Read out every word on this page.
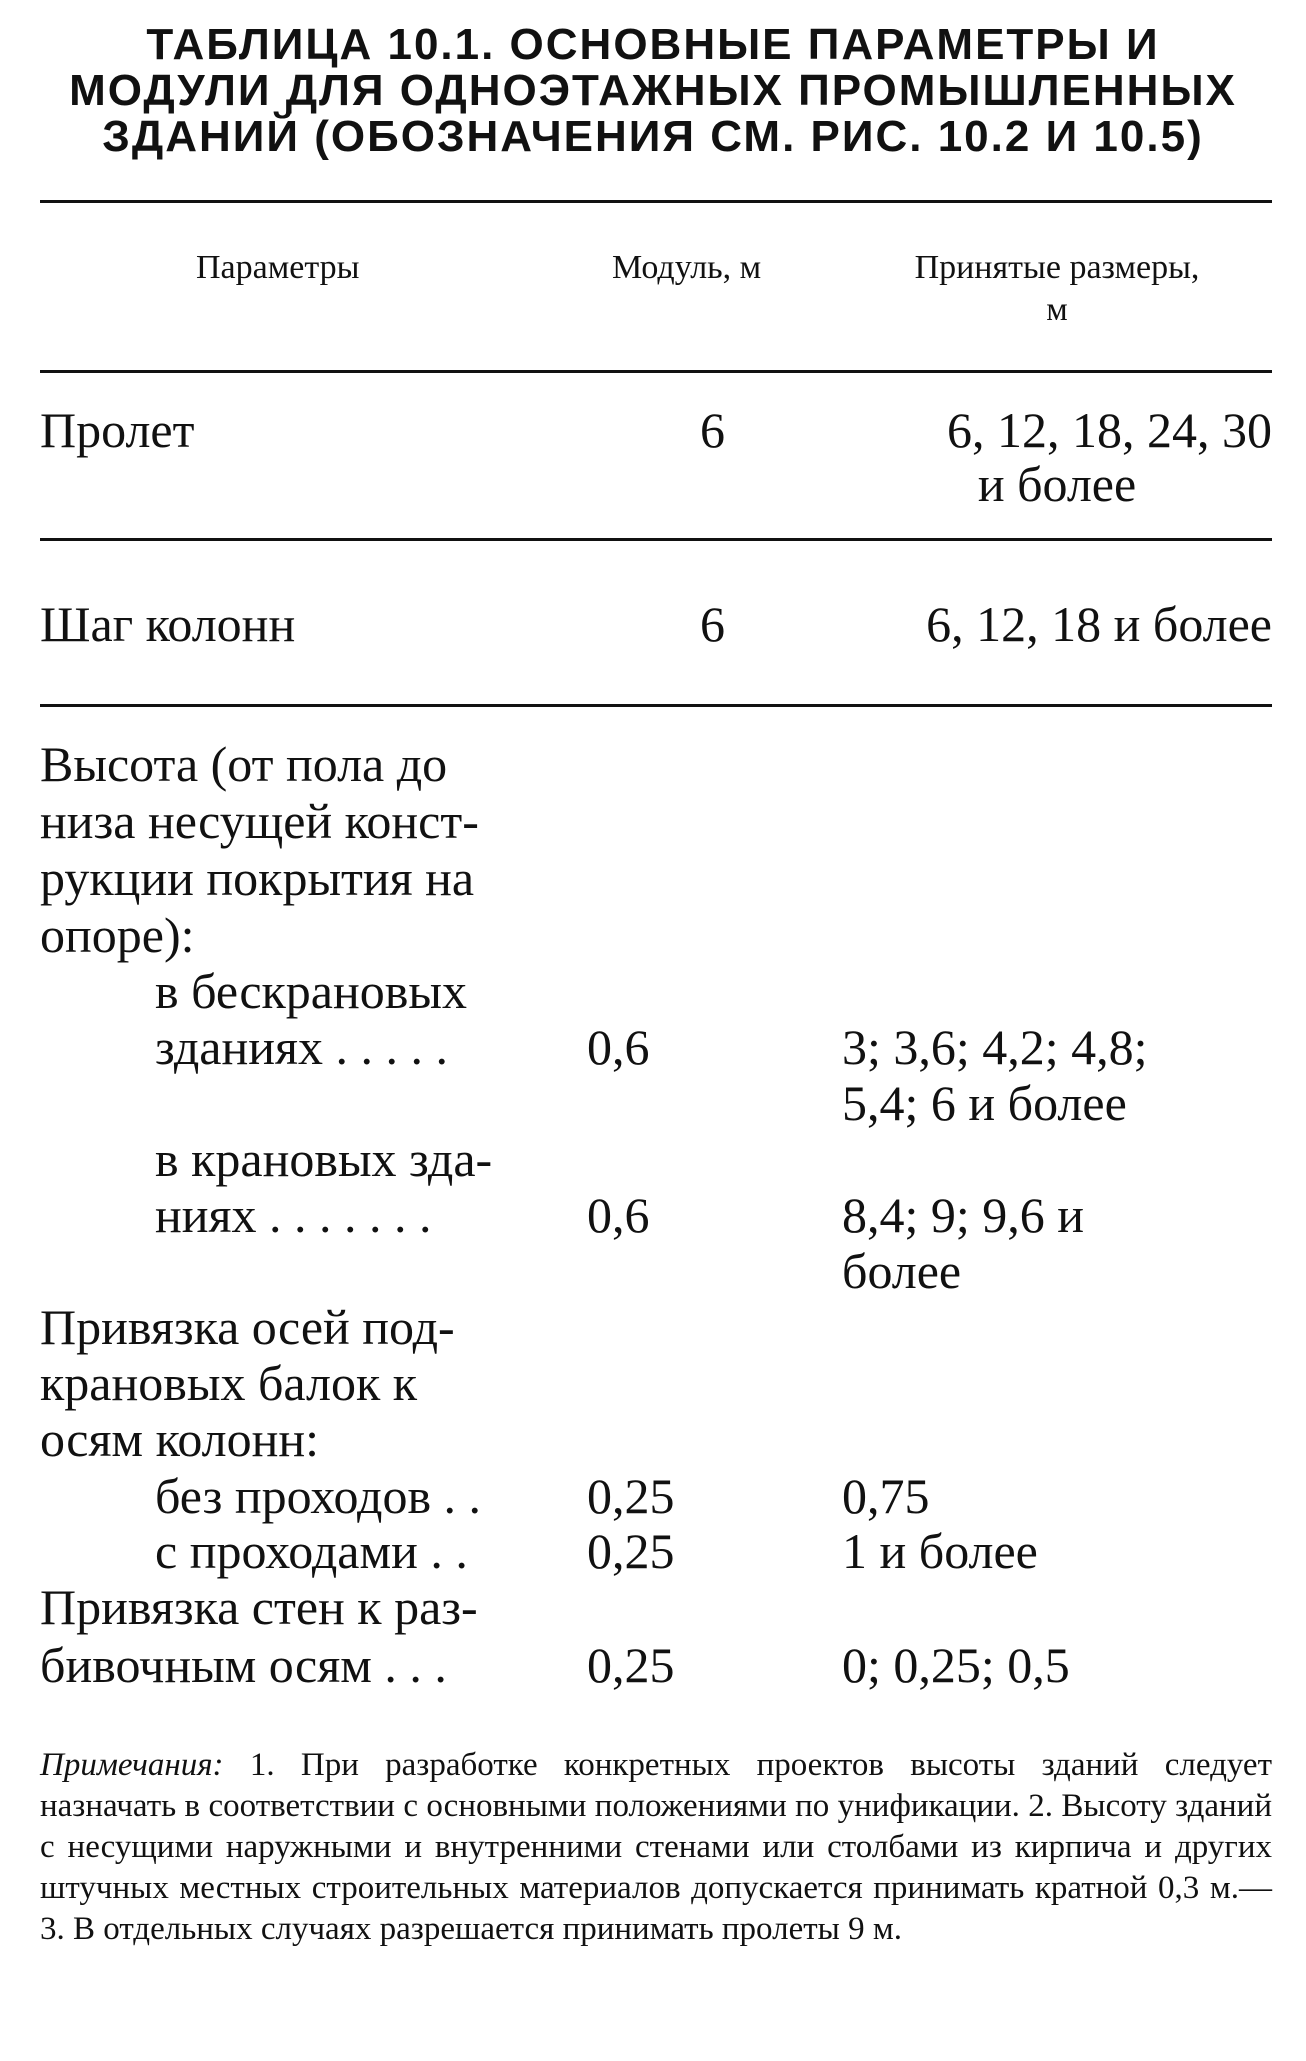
ТАБЛИЦА 10.1. ОСНОВНЫЕ ПАРАМЕТРЫ И
МОДУЛИ ДЛЯ ОДНОЭТАЖНЫХ ПРОМЫШЛЕННЫХ
ЗДАНИЙ (ОБОЗНАЧЕНИЯ СМ. РИС. 10.2 И 10.5)
Параметры	Модуль, м	Принятые размеры,
м
Пролет	6	6, 12, 18, 24, 30
и более
Шаг колонн	6	6, 12, 18 и более
Высота (от пола до
низа несущей конст-
рукции покрытия на
опоре):
в бескрановых
зданиях . . . . .	0,6	3; 3,6; 4,2; 4,8;
5,4; 6 и более
в крановых зда-
ниях . . . . . . .	0,6	8,4; 9; 9,6 и
более
Привязка осей под-
крановых балок к
осям колонн:
без проходов . . 0,25	0,75
с проходами . . 0,25	1 и более
Привязка стен к раз-
бивочным осям . . .	0,25	0; 0,25; 0,5
Примечания: 1. При разработке конкретных проектов высоты зданий следует назначать в соответствии с основными положениями по унификации. 2. Высоту зданий с несущими наружными и внутренними стенами или столбами из кирпича и других штучных местных строительных материалов допускается принимать кратной 0,3 м.— 3. В отдельных случаях разрешается принимать пролеты 9 м.
